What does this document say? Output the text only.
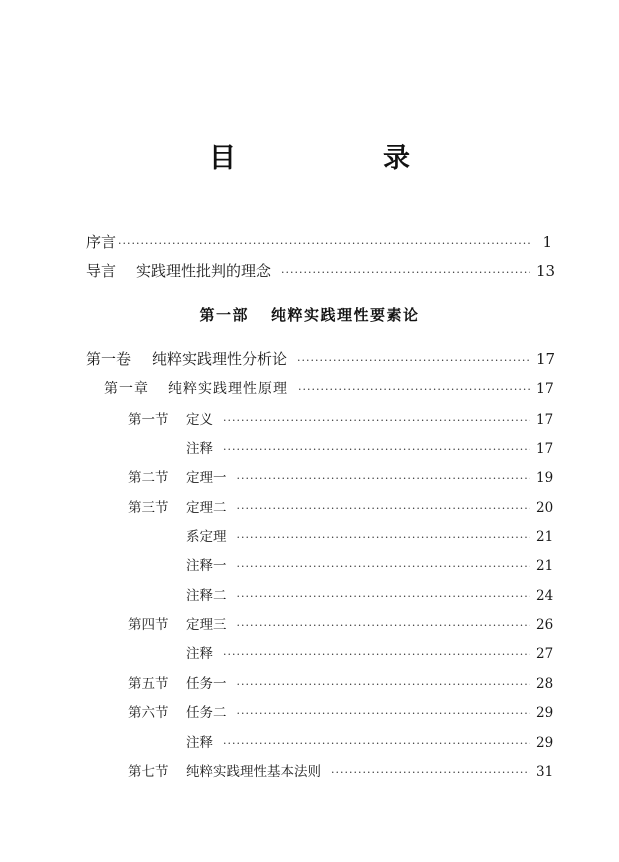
目　录
序言 ·····	1
导言	实践理性批判的理念 ·····	13
第一部 纯粹实践理性要素论
第一卷	纯粹实践理性分析论 ·····	17
第一章	纯粹实践理性原理 ·····	17
第一节	定义 ·····	17
注释 ·····	17
第二节	定理一 ·····	19
第三节	定理二 ·····	20
系定理 ·····	21
注释一 ·····	21
注释二 ·····	24
第四节	定理三 ·····	26
注释 ·····	27
第五节	任务一 ·····	28
第六节	任务二 ·····	29
注释 ·····	29
第七节	纯粹实践理性基本法则 ·····	31
